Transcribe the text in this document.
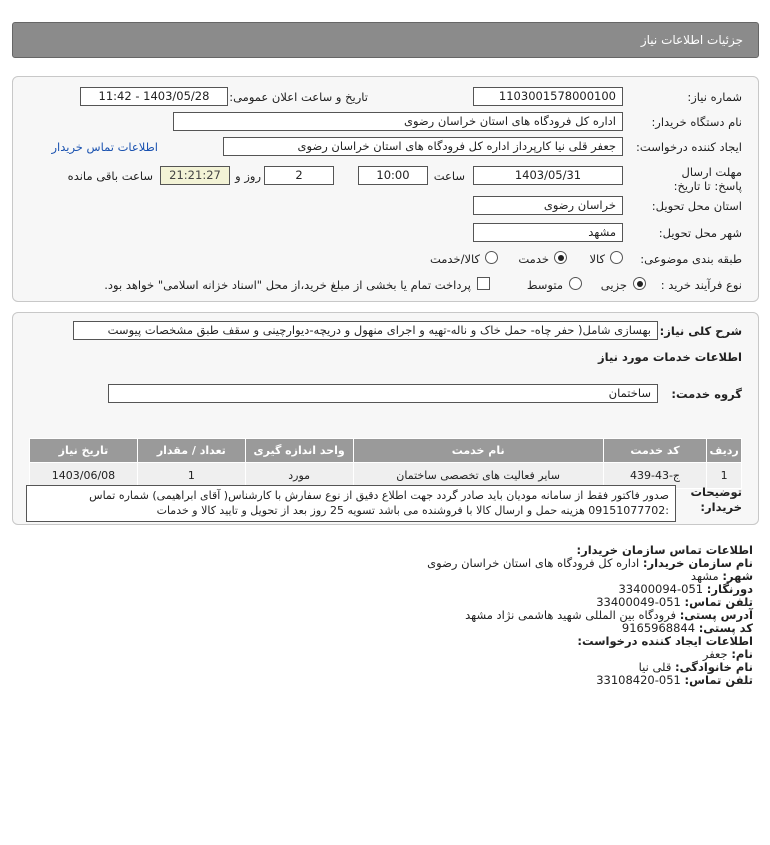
جزئیات اطلاعات نیاز
شماره نیاز:
1103001578000100
تاریخ و ساعت اعلان عمومی:
1403/05/28 - 11:42
نام دستگاه خریدار:
اداره کل فرودگاه های استان خراسان رضوی
ایجاد کننده درخواست:
جعفر قلی نیا کارپرداز اداره کل فرودگاه های استان خراسان رضوی
اطلاعات تماس خریدار
مهلت ارسال پاسخ: تا تاریخ:
1403/05/31
ساعت
10:00
2
روز و
21:21:27
ساعت باقی مانده
استان محل تحویل:
خراسان رضوی
شهر محل تحویل:
مشهد
طبقه بندی موضوعی:
کالا
خدمت
کالا/خدمت
نوع فرآیند خرید :
جزیی
متوسط
پرداخت تمام یا بخشی از مبلغ خرید،از محل "اسناد خزانه اسلامی" خواهد بود.
شرح کلی نیاز:
بهسازی شامل( حفر چاه- حمل خاک و ناله-تهیه و اجرای منهول و دریچه-دیوارچینی و سقف طبق مشخصات پیوست
اطلاعات خدمات مورد نیاز
گروه خدمت:
ساختمان
ردیف	کد خدمت	نام خدمت	واحد اندازه گیری	تعداد / مقدار	تاریخ نیاز
1	ج-43-439	سایر فعالیت های تخصصی ساختمان	مورد	1	1403/06/08
توضیحات خریدار:
صدور فاکتور فقط از سامانه مودیان باید صادر گردد جهت اطلاع دقیق از نوع سفارش با کارشناس( آقای ابراهیمی) شماره تماس :09151077702 هزینه حمل و ارسال کالا با فروشنده می باشد تسویه 25 روز بعد از تحویل و تایید کالا و خدمات
اطلاعات تماس سازمان خریدار:
نام سازمان خریدار: اداره کل فرودگاه های استان خراسان رضوی
شهر: مشهد
دورنگار: 051-33400094
تلفن تماس: 051-33400049
آدرس پستی: فرودگاه بین المللی شهید هاشمی نژاد مشهد
کد پستی: 9165968844
اطلاعات ایجاد کننده درخواست:
نام: جعفر
نام خانوادگی: قلی نیا
تلفن تماس: 051-33108420
